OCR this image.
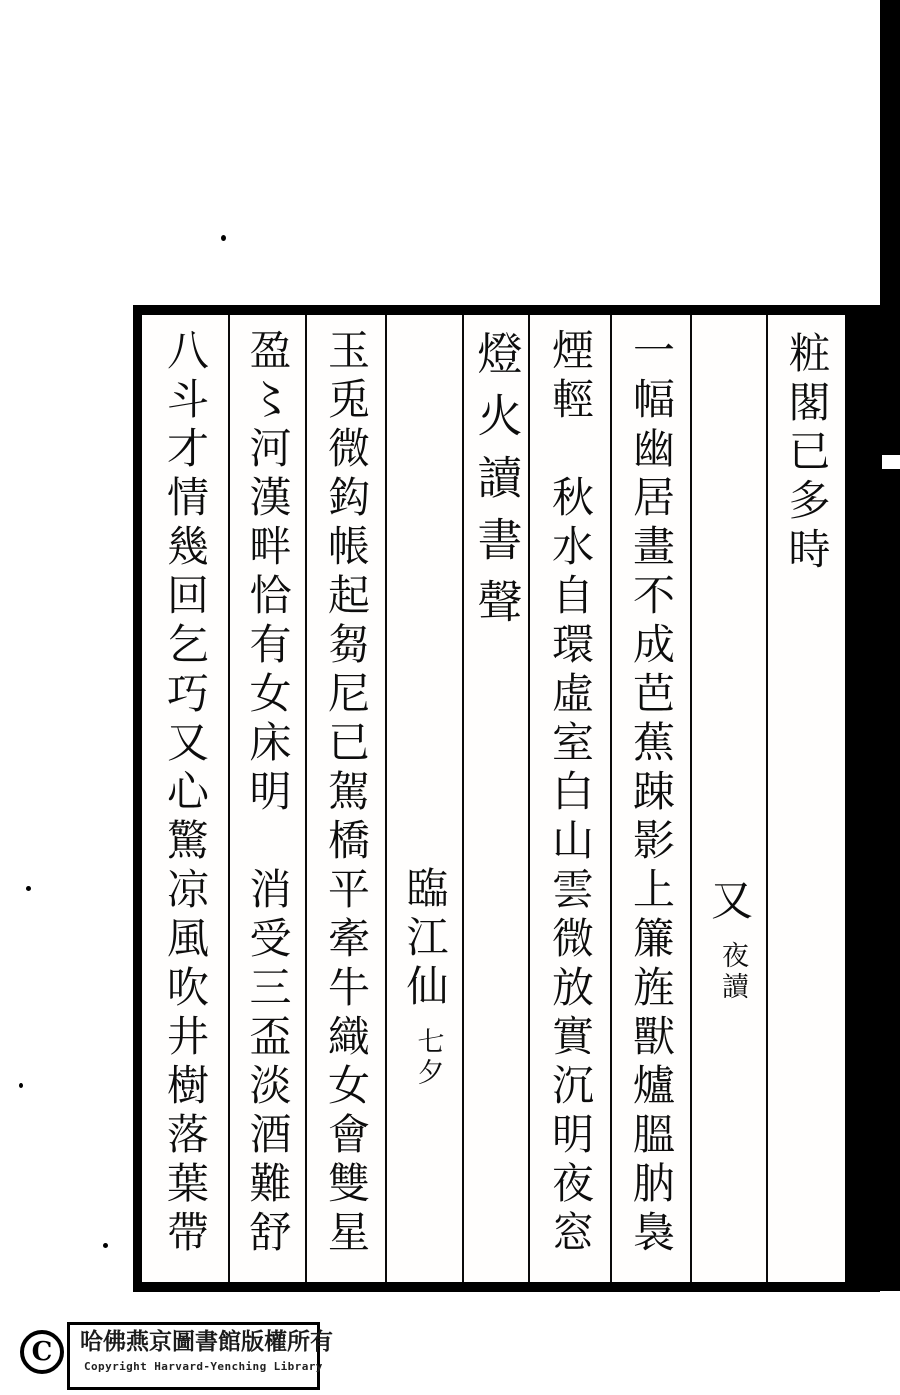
粧閣已多時

又夜讀

一幅幽居畫不成芭蕉踈影上簾旌獸爐膃肭裊
煙輕　秋水自環虛室白山雲微放實沉明夜窓
燈火讀書聲

臨江仙七夕

玉兎微鈎帳起芻尼已駕橋平牽牛織女會雙星
盈〻河漢畔恰有女床明　消受三盃淡酒難舒
八斗才情幾回乞巧又心驚凉風吹井樹落葉帶
C 哈佛燕京圖書館版權所有
Copyright Harvard-Yenching Library
